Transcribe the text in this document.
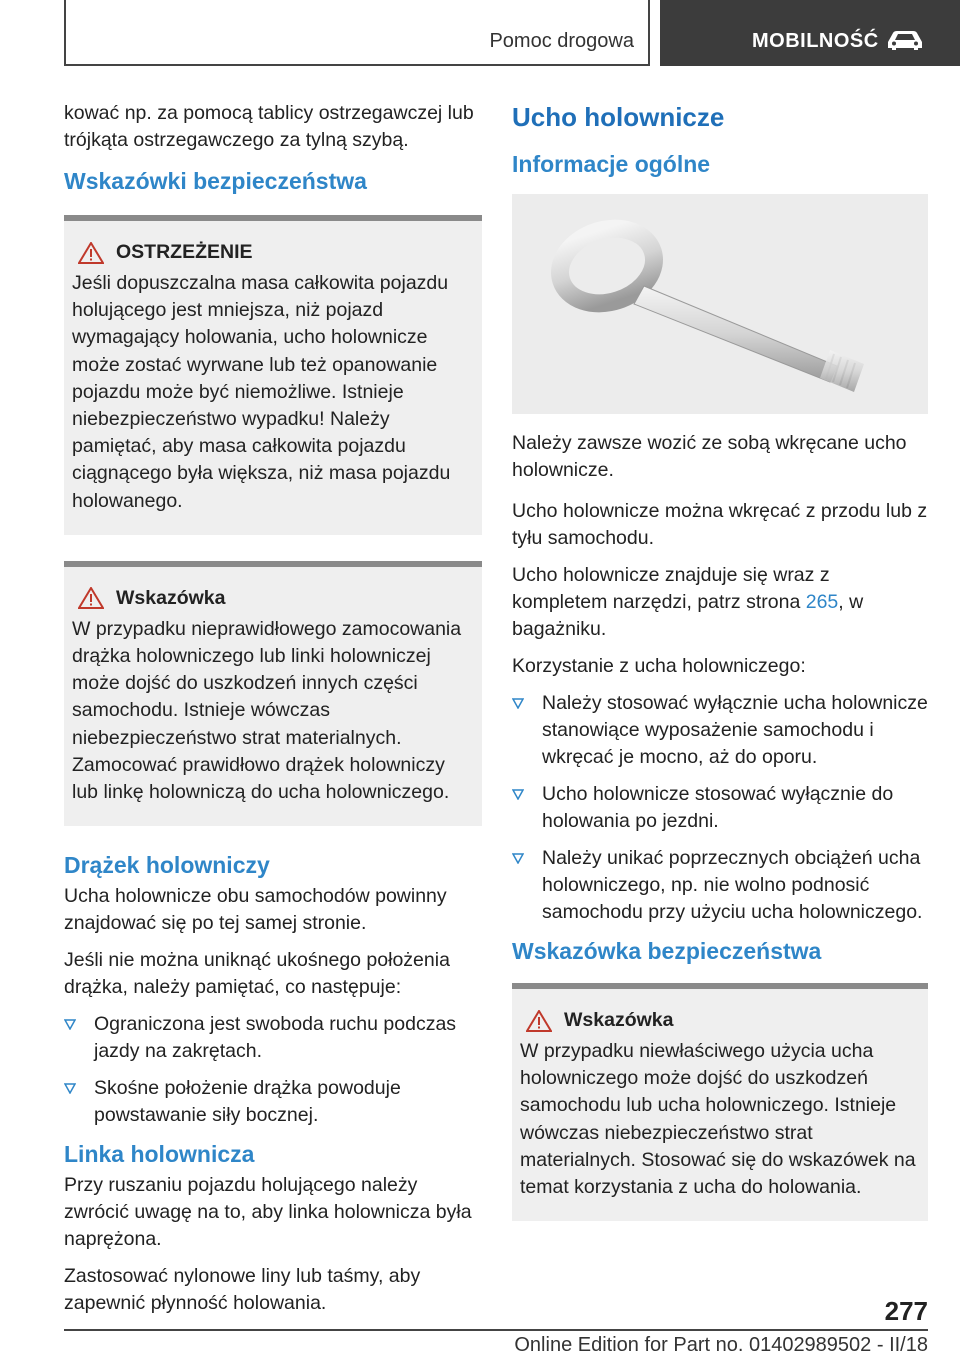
Pomoc drogowa	MOBILNOŚĆ

kować np. za pomocą tablicy ostrzegawczej lub trójkąta ostrzegawczego za tylną szybą.

Wskazówki bezpieczeństwa
OSTRZEŻENIE
Jeśli dopuszczalna masa całkowita pojazdu holującego jest mniejsza, niż pojazd wymagający holowania, ucho holownicze może zostać wyrwane lub też opanowanie pojazdu może być niemożliwe. Istnieje niebezpieczeństwo wypadku! Należy pamiętać, aby masa całkowita pojazdu ciągnącego była większa, niż masa pojazdu holowanego.
Wskazówka
W przypadku nieprawidłowego zamocowania drążka holowniczego lub linki holowniczej może dojść do uszkodzeń innych części samochodu. Istnieje wówczas niebezpieczeństwo strat materialnych. Zamocować prawidłowo drążek holowniczy lub linkę holowniczą do ucha holowniczego.
Drążek holowniczy

Ucha holownicze obu samochodów powinny znajdować się po tej samej stronie.

Jeśli nie można uniknąć ukośnego położenia drążka, należy pamiętać, co następuje:

Ograniczona jest swoboda ruchu podczas jazdy na zakrętach.
Skośne położenie drążka powoduje powstawanie siły bocznej.
Linka holownicza

Przy ruszaniu pojazdu holującego należy zwrócić uwagę na to, aby linka holownicza była naprężona.

Zastosować nylonowe liny lub taśmy, aby zapewnić płynność holowania.

Ucho holownicze
Informacje ogólne

Należy zawsze wozić ze sobą wkręcane ucho holownicze.

Ucho holownicze można wkręcać z przodu lub z tyłu samochodu.

Ucho holownicze znajduje się wraz z kompletem narzędzi, patrz strona 265, w bagażniku.

Korzystanie z ucha holowniczego:

Należy stosować wyłącznie ucha holownicze stanowiące wyposażenie samochodu i wkręcać je mocno, aż do oporu.
Ucho holownicze stosować wyłącznie do holowania po jezdni.
Należy unikać poprzecznych obciążeń ucha holowniczego, np. nie wolno podnosić samochodu przy użyciu ucha holowniczego.
Wskazówka bezpieczeństwa
Wskazówka
W przypadku niewłaściwego użycia ucha holowniczego może dojść do uszkodzeń samochodu lub ucha holowniczego. Istnieje wówczas niebezpieczeństwo strat materialnych. Stosować się do wskazówek na temat korzystania z ucha do holowania.
277
Online Edition for Part no. 01402989502 - II/18
